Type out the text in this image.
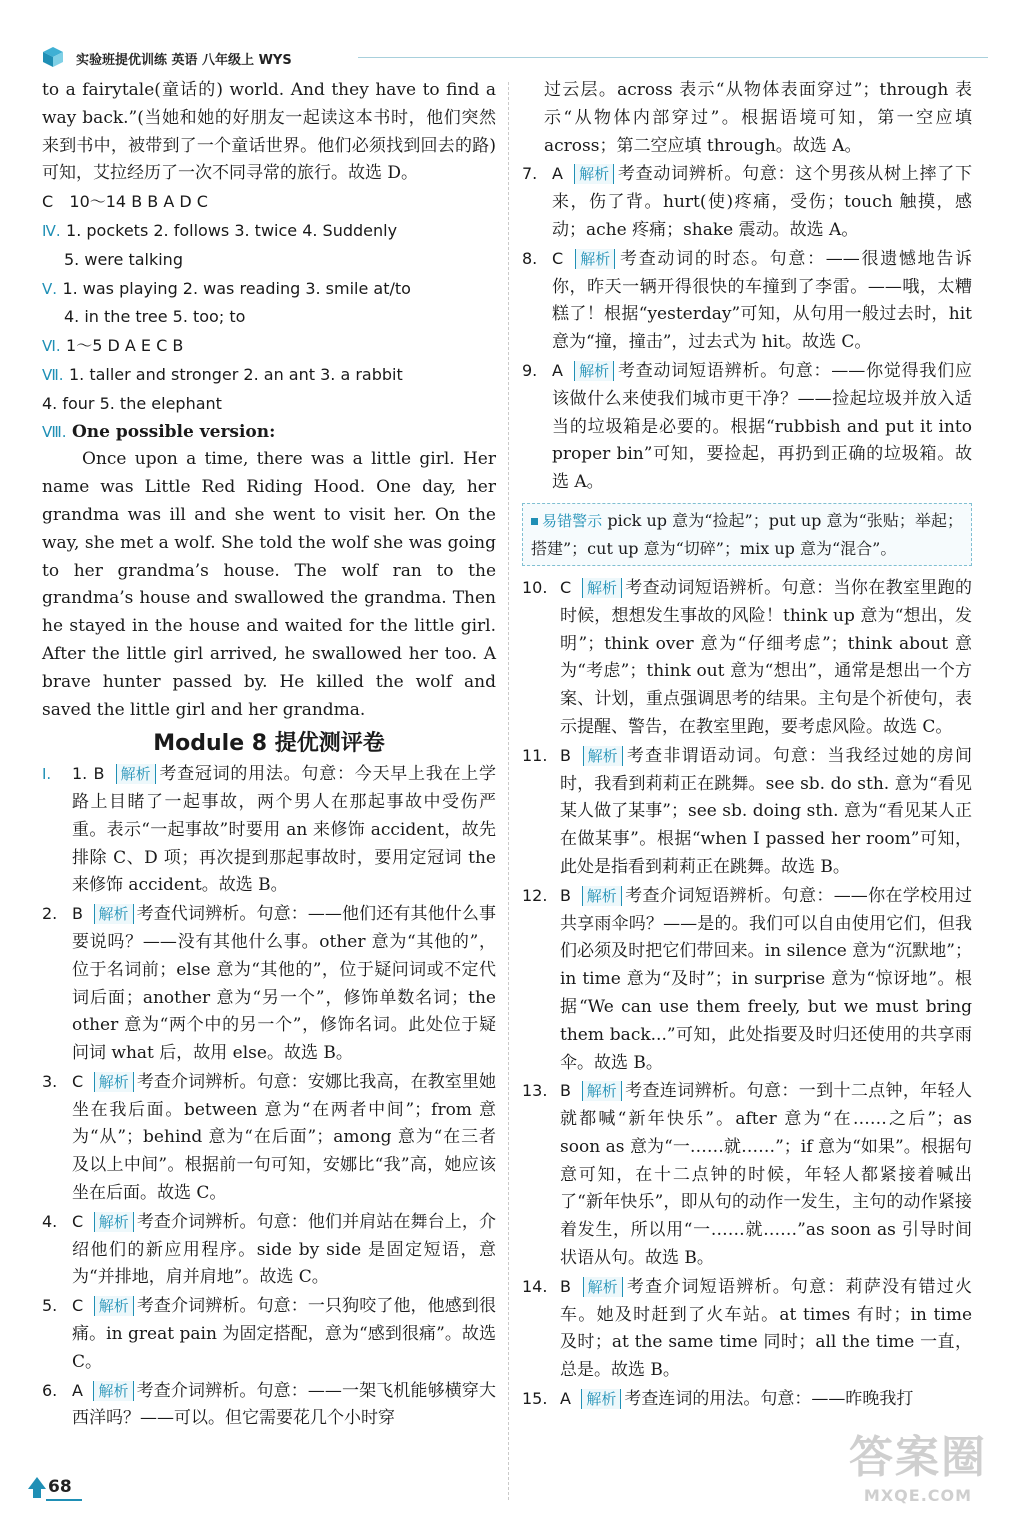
实验班提优训练 英语 八年级上 WYS

to a fairytale(童话的) world. And they have to find a way back.”(当她和她的好朋友一起读这本书时，他们突然来到书中，被带到了一个童话世界。他们必须找到回去的路)可知，艾拉经历了一次不同寻常的旅行。故选 D。

C 10～14 B B A D C

Ⅳ. 1. pockets 2. follows 3. twice 4. Suddenly

5. were talking

Ⅴ. 1. was playing 2. was reading 3. smile at/to

4. in the tree 5. too; to

Ⅵ. 1～5 D A E C B

Ⅶ. 1. taller and stronger 2. an ant 3. a rabbit

4. four 5. the elephant

Ⅷ. One possible version:

Once upon a time, there was a little girl. Her name was Little Red Riding Hood. One day, her grandma was ill and she went to visit her. On the way, she met a wolf. She told the wolf she was going to her grandma’s house. The wolf ran to the grandma’s house and swallowed the grandma. Then he stayed in the house and waited for the little girl. After the little girl arrived, he swallowed her too. A brave hunter passed by. He killed the wolf and saved the little girl and her grandma.

Module 8 提优测评卷
Ⅰ. 1. B 解析 考查冠词的用法。句意：今天早上我在上学路上目睹了一起事故，两个男人在那起事故中受伤严重。表示“一起事故”时要用 an 来修饰 accident，故先排除 C、D 项；再次提到那起事故时，要用定冠词 the 来修饰 accident。故选 B。
2. B 解析 考查代词辨析。句意：——他们还有其他什么事要说吗？——没有其他什么事。other 意为“其他的”，位于名词前；else 意为“其他的”，位于疑问词或不定代词后面；another 意为“另一个”，修饰单数名词；the other 意为“两个中的另一个”，修饰名词。此处位于疑问词 what 后，故用 else。故选 B。
3. C 解析 考查介词辨析。句意：安娜比我高，在教室里她坐在我后面。between 意为“在两者中间”；from 意为“从”；behind 意为“在后面”；among 意为“在三者及以上中间”。根据前一句可知，安娜比“我”高，她应该坐在后面。故选 C。
4. C 解析 考查介词辨析。句意：他们并肩站在舞台上，介绍他们的新应用程序。side by side 是固定短语，意为“并排地，肩并肩地”。故选 C。
5. C 解析 考查介词辨析。句意：一只狗咬了他，他感到很痛。in great pain 为固定搭配，意为“感到很痛”。故选 C。
6. A 解析 考查介词辨析。句意：——一架飞机能够横穿大西洋吗？——可以。但它需要花几个小时穿

过云层。across 表示“从物体表面穿过”；through 表示“从物体内部穿过”。根据语境可知，第一空应填 across；第二空应填 through。故选 A。

7. A 解析 考查动词辨析。句意：这个男孩从树上摔了下来，伤了背。hurt(使)疼痛，受伤；touch 触摸，感动；ache 疼痛；shake 震动。故选 A。
8. C 解析 考查动词的时态。句意：——很遗憾地告诉你，昨天一辆开得很快的车撞到了李雷。——哦，太糟糕了！根据“yesterday”可知，从句用一般过去时，hit 意为“撞，撞击”，过去式为 hit。故选 C。
9. A 解析 考查动词短语辨析。句意：——你觉得我们应该做什么来使我们城市更干净？——捡起垃圾并放入适当的垃圾箱是必要的。根据“rubbish and put it into proper bin”可知，要捡起，再扔到正确的垃圾箱。故选 A。
易错警示 pick up 意为“捡起”；put up 意为“张贴；举起；搭建”；cut up 意为“切碎”；mix up 意为“混合”。
10. C 解析 考查动词短语辨析。句意：当你在教室里跑的时候，想想发生事故的风险！think up 意为“想出，发明”；think over 意为“仔细考虑”；think about 意为“考虑”；think out 意为“想出”，通常是想出一个方案、计划，重点强调思考的结果。主句是个祈使句，表示提醒、警告，在教室里跑，要考虑风险。故选 C。
11. B 解析 考查非谓语动词。句意：当我经过她的房间时，我看到莉莉正在跳舞。see sb. do sth. 意为“看见某人做了某事”；see sb. doing sth. 意为“看见某人正在做某事”。根据“when I passed her room”可知，此处是指看到莉莉正在跳舞。故选 B。
12. B 解析 考查介词短语辨析。句意：——你在学校用过共享雨伞吗？——是的。我们可以自由使用它们，但我们必须及时把它们带回来。in silence 意为“沉默地”；in time 意为“及时”；in surprise 意为“惊讶地”。根据“We can use them freely, but we must bring them back...”可知，此处指要及时归还使用的共享雨伞。故选 B。
13. B 解析 考查连词辨析。句意：一到十二点钟，年轻人就都喊“新年快乐”。after 意为“在……之后”；as soon as 意为“一……就……”；if 意为“如果”。根据句意可知，在十二点钟的时候，年轻人都紧接着喊出了“新年快乐”，即从句的动作一发生，主句的动作紧接着发生，所以用“一……就……”as soon as 引导时间状语从句。故选 B。
14. B 解析 考查介词短语辨析。句意：莉萨没有错过火车。她及时赶到了火车站。at times 有时；in time 及时；at the same time 同时；all the time 一直，总是。故选 B。
15. A 解析 考查连词的用法。句意：——昨晚我打
68
答案圈
MXQE.COM
